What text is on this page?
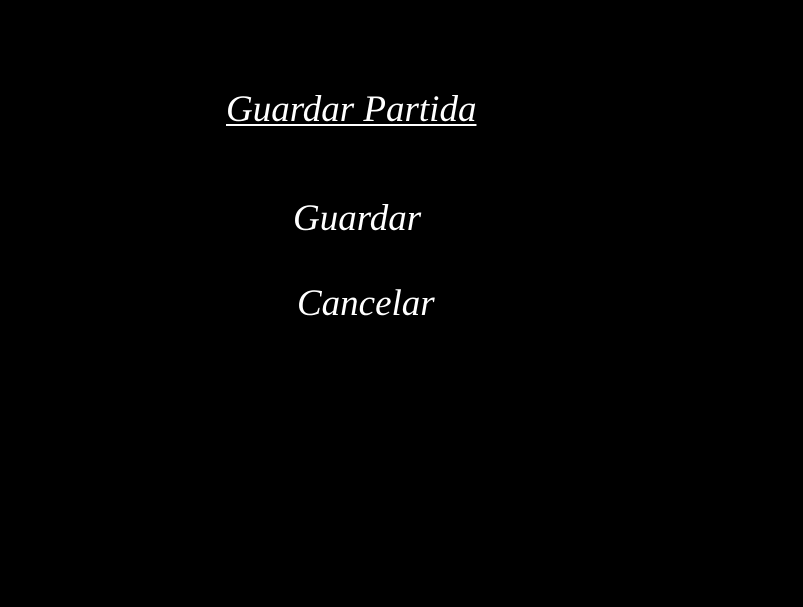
Guardar Partida
Guardar
Cancelar
